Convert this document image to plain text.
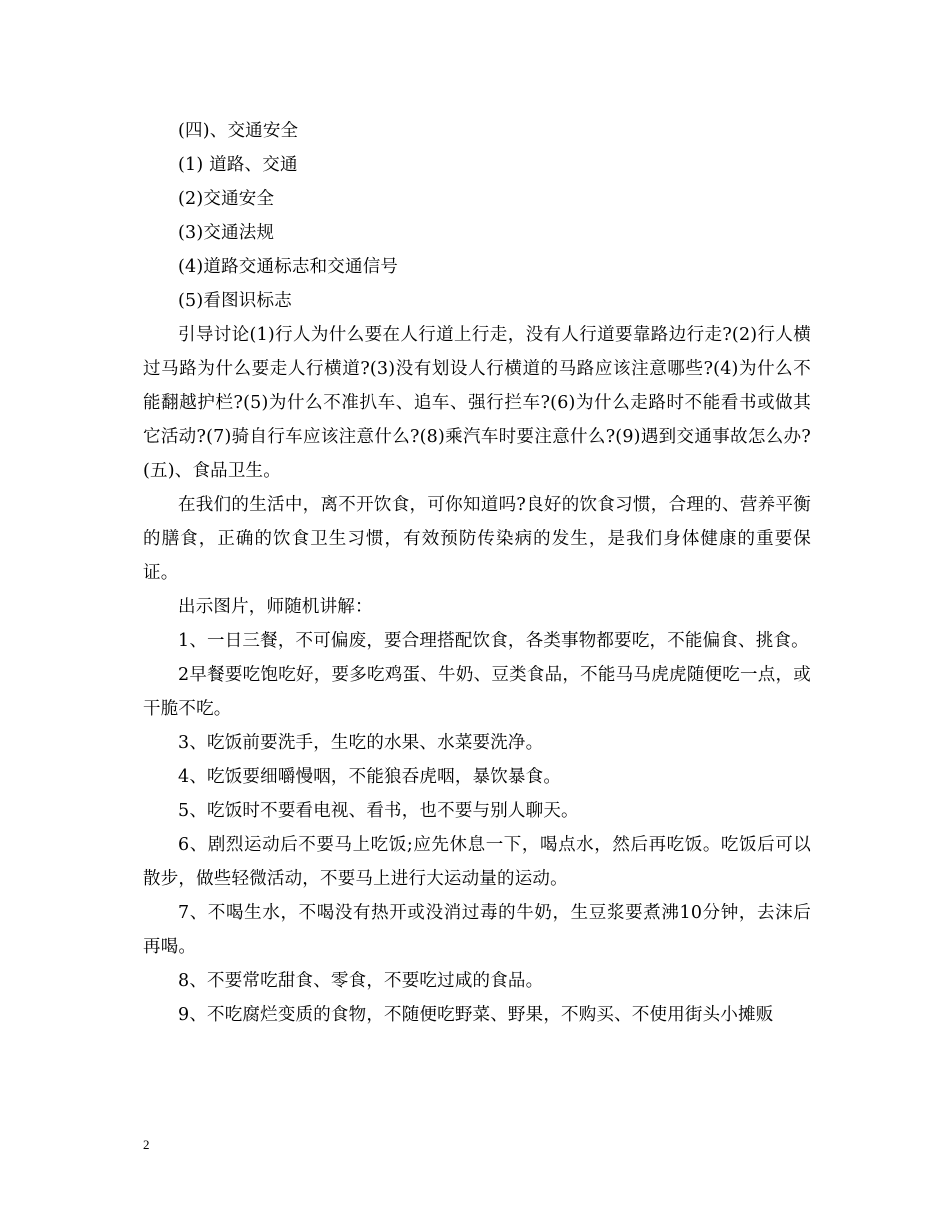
(四)、交通安全

(1) 道路、交通

(2)交通安全

(3)交通法规

(4)道路交通标志和交通信号

(5)看图识标志

引导讨论(1)行人为什么要在人行道上行走，没有人行道要靠路边行走?(2)行人横过马路为什么要走人行横道?(3)没有划设人行横道的马路应该注意哪些?(4)为什么不能翻越护栏?(5)为什么不准扒车、追车、强行拦车?(6)为什么走路时不能看书或做其它活动?(7)骑自行车应该注意什么?(8)乘汽车时要注意什么?(9)遇到交通事故怎么办?(五)、食品卫生。

在我们的生活中，离不开饮食，可你知道吗?良好的饮食习惯，合理的、营养平衡的膳食，正确的饮食卫生习惯，有效预防传染病的发生，是我们身体健康的重要保证。

出示图片，师随机讲解：

1、一日三餐，不可偏废，要合理搭配饮食，各类事物都要吃，不能偏食、挑食。

2早餐要吃饱吃好，要多吃鸡蛋、牛奶、豆类食品，不能马马虎虎随便吃一点，或干脆不吃。

3、吃饭前要洗手，生吃的水果、水菜要洗净。

4、吃饭要细嚼慢咽，不能狼吞虎咽，暴饮暴食。

5、吃饭时不要看电视、看书，也不要与别人聊天。

6、剧烈运动后不要马上吃饭;应先休息一下，喝点水，然后再吃饭。吃饭后可以散步，做些轻微活动，不要马上进行大运动量的运动。

7、不喝生水，不喝没有热开或没消过毒的牛奶，生豆浆要煮沸10分钟，去沫后再喝。

8、不要常吃甜食、零食，不要吃过咸的食品。

9、不吃腐烂变质的食物，不随便吃野菜、野果，不购买、不使用街头小摊贩

2
